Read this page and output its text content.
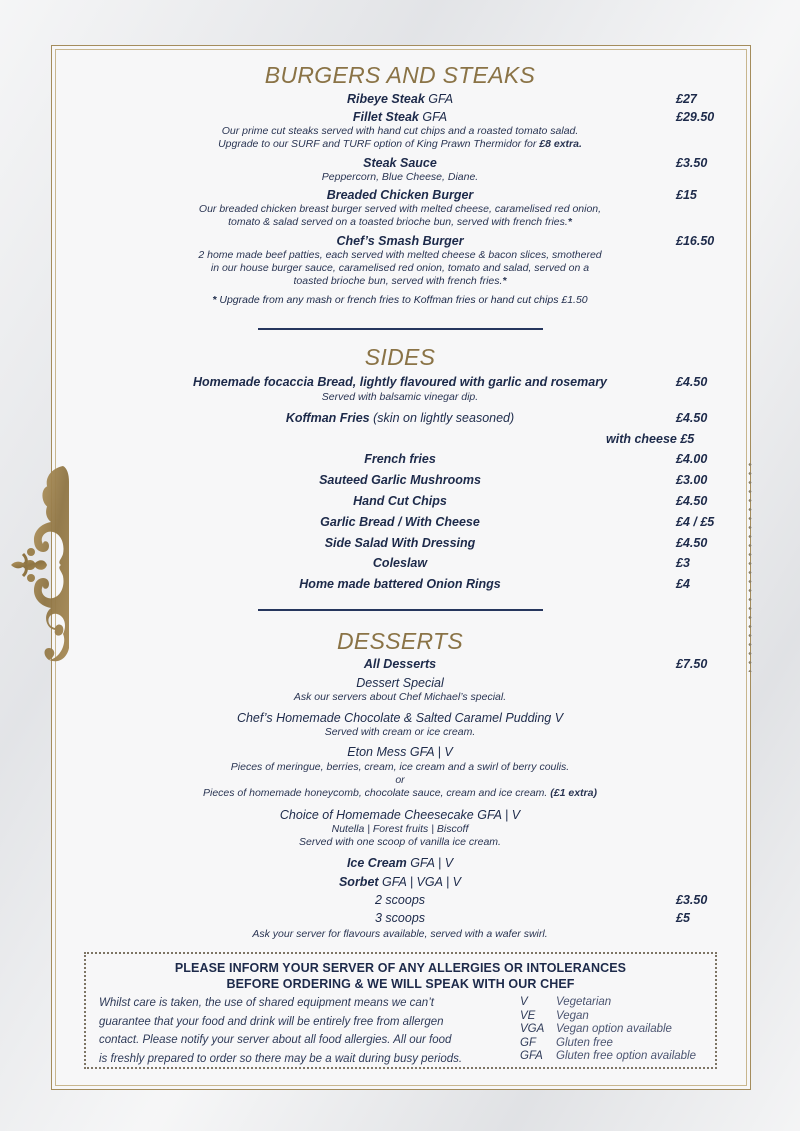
BURGERS AND STEAKS
Ribeye Steak GFA	£27
Fillet Steak GFA	£29.50
Our prime cut steaks served with hand cut chips and a roasted tomato salad.
Upgrade to our SURF and TURF option of King Prawn Thermidor for £8 extra.
Steak Sauce	£3.50
Peppercorn, Blue Cheese, Diane.
Breaded Chicken Burger	£15
Our breaded chicken breast burger served with melted cheese, caramelised red onion,
tomato & salad served on a toasted brioche bun, served with french fries.*
Chef’s Smash Burger	£16.50
2 home made beef patties, each served with melted cheese & bacon slices, smothered
in our house burger sauce, caramelised red onion, tomato and salad, served on a
toasted brioche bun, served with french fries.*
* Upgrade from any mash or french fries to Koffman fries or hand cut chips £1.50
SIDES
Homemade focaccia Bread, lightly flavoured with garlic and rosemary	£4.50
Served with balsamic vinegar dip.
Koffman Fries (skin on lightly seasoned)	£4.50
with cheese £5
French fries	£4.00
Sauteed Garlic Mushrooms	£3.00
Hand Cut Chips	£4.50
Garlic Bread / With Cheese	£4 / £5
Side Salad With Dressing	£4.50
Coleslaw	£3
Home made battered Onion Rings	£4
DESSERTS
All Desserts	£7.50
Dessert Special
Ask our servers about Chef Michael’s special.
Chef’s Homemade Chocolate & Salted Caramel Pudding V
Served with cream or ice cream.
Eton Mess GFA | V
Pieces of meringue, berries, cream, ice cream and a swirl of berry coulis.
or
Pieces of homemade honeycomb, chocolate sauce, cream and ice cream. (£1 extra)
Choice of Homemade Cheesecake GFA | V
Nutella | Forest fruits | Biscoff
Served with one scoop of vanilla ice cream.
Ice Cream GFA | V
Sorbet GFA | VGA | V
2 scoops	£3.50
3 scoops	£5
Ask your server for flavours available, served with a wafer swirl.
PLEASE INFORM YOUR SERVER OF ANY ALLERGIES OR INTOLERANCES
BEFORE ORDERING & WE WILL SPEAK WITH OUR CHEF
Whilst care is taken, the use of shared equipment means we can’t
guarantee that your food and drink will be entirely free from allergen
contact. Please notify your server about all food allergies. All our food
is freshly prepared to order so there may be a wait during busy periods.
V Vegetarian
VE Vegan
VGA Vegan option available
GF Gluten free
GFA Gluten free option available
